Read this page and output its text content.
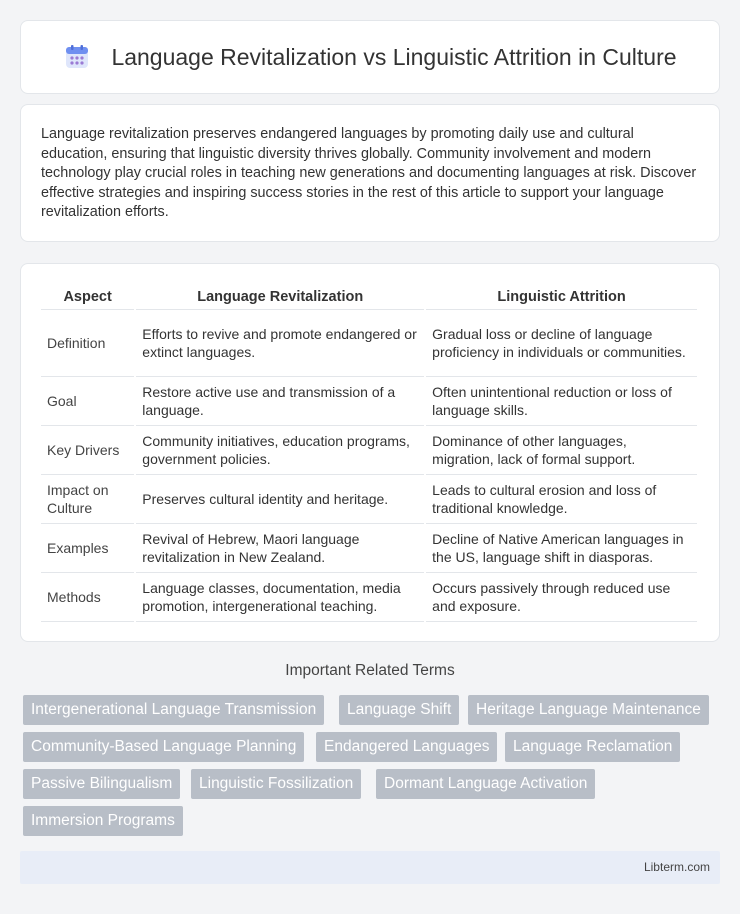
Language Revitalization vs Linguistic Attrition in Culture

Language revitalization preserves endangered languages by promoting daily use and cultural education, ensuring that linguistic diversity thrives globally. Community involvement and modern technology play crucial roles in teaching new generations and documenting languages at risk. Discover effective strategies and inspiring success stories in the rest of this article to support your language revitalization efforts.

Aspect	Language Revitalization	Linguistic Attrition
Definition	Efforts to revive and promote endangered or extinct languages.	Gradual loss or decline of language proficiency in individuals or communities.
Goal	Restore active use and transmission of a language.	Often unintentional reduction or loss of language skills.
Key Drivers	Community initiatives, education programs, government policies.	Dominance of other languages, migration, lack of formal support.
Impact on Culture	Preserves cultural identity and heritage.	Leads to cultural erosion and loss of traditional knowledge.
Examples	Revival of Hebrew, Maori language revitalization in New Zealand.	Decline of Native American languages in the US, language shift in diasporas.
Methods	Language classes, documentation, media promotion, intergenerational teaching.	Occurs passively through reduced use and exposure.
Important Related Terms
Intergenerational Language Transmission	Language Shift	Heritage Language Maintenance
Community-Based Language Planning	Endangered Languages	Language Reclamation
Passive Bilingualism	Linguistic Fossilization	Dormant Language Activation
Immersion Programs
Libterm.com
